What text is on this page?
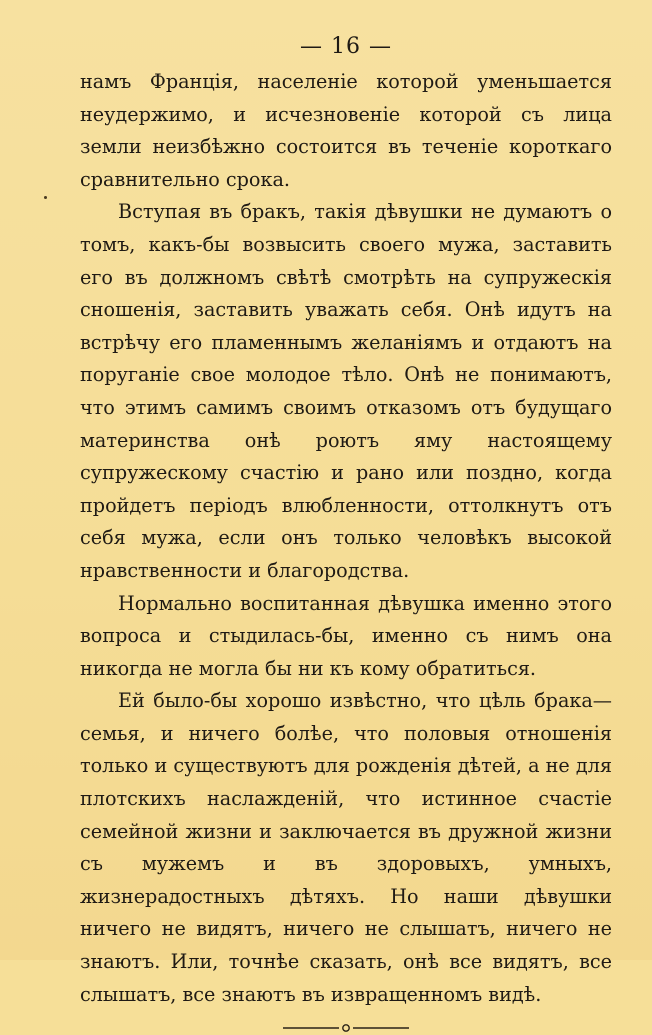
— 16 —

намъ Франція, населеніе которой уменьшается неудержимо, и исчезновеніе которой съ лица земли неизбѣжно состоится въ теченіе короткаго сравнительно срока.

Вступая въ бракъ, такія дѣвушки не думаютъ о томъ, какъ-бы возвысить своего мужа, заставить его въ должномъ свѣтѣ смотрѣть на супружескія сношенія, заставить уважать себя. Онѣ идутъ на встрѣчу его пламеннымъ желаніямъ и отдаютъ на поруганіе свое молодое тѣло. Онѣ не понимаютъ, что этимъ самимъ своимъ отказомъ отъ будущаго материнства онѣ роютъ яму настоящему супружескому счастію и рано или поздно, когда пройдетъ періодъ влюбленности, оттолкнутъ отъ себя мужа, если онъ только человѣкъ высокой нравственности и благородства.

Нормально воспитанная дѣвушка именно этого вопроса и стыдилась-бы, именно съ нимъ она никогда не могла бы ни къ кому обратиться.

Ей было-бы хорошо извѣстно, что цѣль брака— семья, и ничего болѣе, что половыя отношенія только и существуютъ для рожденія дѣтей, а не для плотскихъ наслажденій, что истинное счастіе семейной жизни и заключается въ дружной жизни съ мужемъ и въ здоровыхъ, умныхъ, жизнерадостныхъ дѣтяхъ. Но наши дѣвушки ничего не видятъ, ничего не слышатъ, ничего не знаютъ. Или, точнѣе сказать, онѣ все видятъ, все слышатъ, все знаютъ въ извращенномъ видѣ.
